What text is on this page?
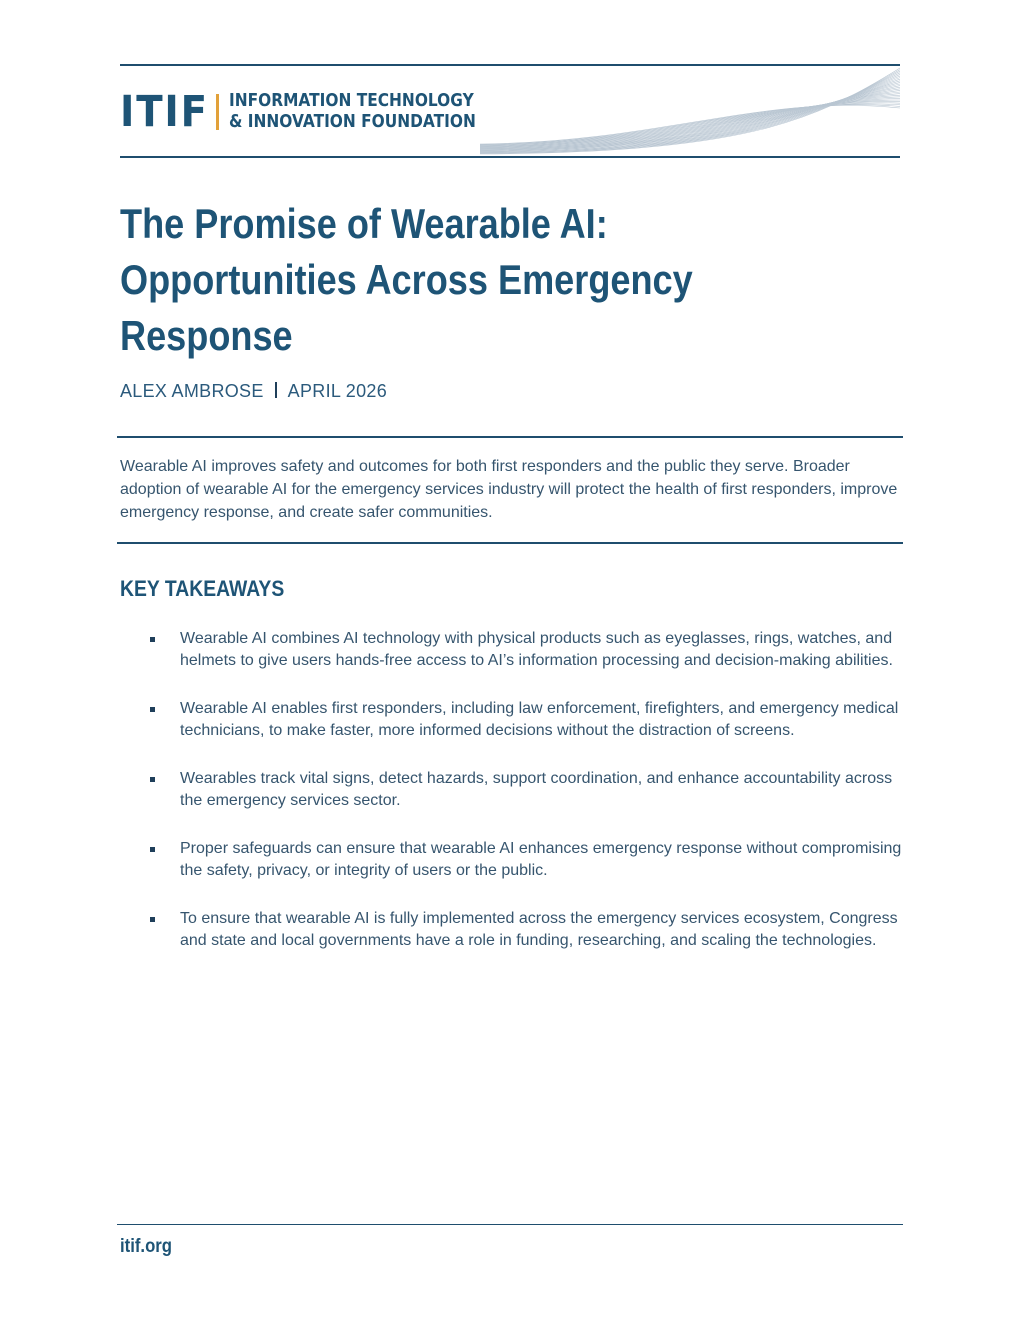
ITIF INFORMATION TECHNOLOGY
& INNOVATION FOUNDATION
The Promise of Wearable AI: Opportunities Across Emergency Response
ALEX AMBROSE APRIL 2026

Wearable AI improves safety and outcomes for both first responders and the public they serve. Broader adoption of wearable AI for the emergency services industry will protect the health of first responders, improve emergency response, and create safer communities.

KEY TAKEAWAYS
Wearable AI combines AI technology with physical products such as eyeglasses, rings, watches, and helmets to give users hands-free access to AI’s information processing and decision-making abilities.
Wearable AI enables first responders, including law enforcement, firefighters, and emergency medical technicians, to make faster, more informed decisions without the distraction of screens.
Wearables track vital signs, detect hazards, support coordination, and enhance accountability across the emergency services sector.
Proper safeguards can ensure that wearable AI enhances emergency response without compromising the safety, privacy, or integrity of users or the public.
To ensure that wearable AI is fully implemented across the emergency services ecosystem, Congress and state and local governments have a role in funding, researching, and scaling the technologies.
itif.org
